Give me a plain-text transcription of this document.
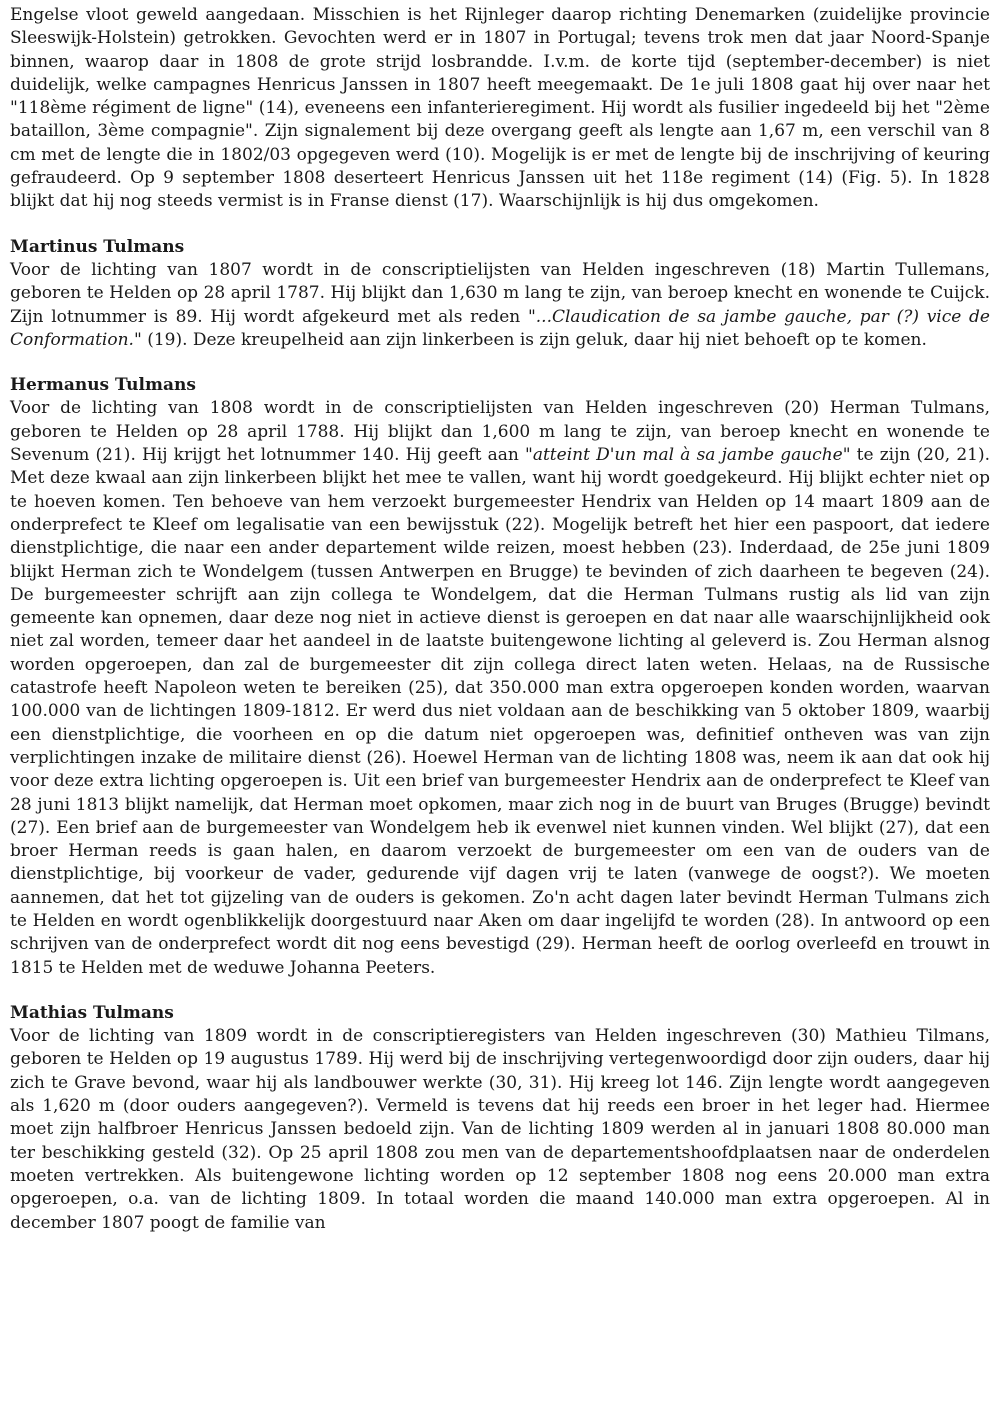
Engelse vloot geweld aangedaan. Misschien is het Rijnleger daarop richting Denemarken (zuidelijke provincie Sleeswijk-Holstein) getrokken. Gevochten werd er in 1807 in Portugal; tevens trok men dat jaar Noord-Spanje binnen, waarop daar in 1808 de grote strijd losbrandde. I.v.m. de korte tijd (september-december) is niet duidelijk, welke campagnes Henricus Janssen in 1807 heeft meegemaakt. De 1e juli 1808 gaat hij over naar het "118ème régiment de ligne" (14), eveneens een infanterieregiment. Hij wordt als fusilier ingedeeld bij het "2ème bataillon, 3ème compagnie". Zijn signalement bij deze overgang geeft als lengte aan 1,67 m, een verschil van 8 cm met de lengte die in 1802/03 opgegeven werd (10). Mogelijk is er met de lengte bij de inschrijving of keuring gefraudeerd. Op 9 september 1808 deserteert Henricus Janssen uit het 118e regiment (14) (Fig. 5). In 1828 blijkt dat hij nog steeds vermist is in Franse dienst (17). Waarschijnlijk is hij dus omgekomen.

Martinus Tulmans

Voor de lichting van 1807 wordt in de conscriptielijsten van Helden ingeschreven (18) Martin Tullemans, geboren te Helden op 28 april 1787. Hij blijkt dan 1,630 m lang te zijn, van beroep knecht en wonende te Cuijck. Zijn lotnummer is 89. Hij wordt afgekeurd met als reden "...Claudication de sa jambe gauche, par (?) vice de Conformation." (19). Deze kreupelheid aan zijn linkerbeen is zijn geluk, daar hij niet behoeft op te komen.

Hermanus Tulmans

Voor de lichting van 1808 wordt in de conscriptielijsten van Helden ingeschreven (20) Herman Tulmans, geboren te Helden op 28 april 1788. Hij blijkt dan 1,600 m lang te zijn, van beroep knecht en wonende te Sevenum (21). Hij krijgt het lotnummer 140. Hij geeft aan "atteint D'un mal à sa jambe gauche" te zijn (20, 21). Met deze kwaal aan zijn linkerbeen blijkt het mee te vallen, want hij wordt goedgekeurd. Hij blijkt echter niet op te hoeven komen. Ten behoeve van hem verzoekt burgemeester Hendrix van Helden op 14 maart 1809 aan de onderprefect te Kleef om legalisatie van een bewijsstuk (22). Mogelijk betreft het hier een paspoort, dat iedere dienstplichtige, die naar een ander departement wilde reizen, moest hebben (23). Inderdaad, de 25e juni 1809 blijkt Herman zich te Wondelgem (tussen Antwerpen en Brugge) te bevinden of zich daarheen te begeven (24). De burgemeester schrijft aan zijn collega te Wondelgem, dat die Herman Tulmans rustig als lid van zijn gemeente kan opnemen, daar deze nog niet in actieve dienst is geroepen en dat naar alle waarschijnlijkheid ook niet zal worden, temeer daar het aandeel in de laatste buitengewone lichting al geleverd is. Zou Herman alsnog worden opgeroepen, dan zal de burgemeester dit zijn collega direct laten weten. Helaas, na de Russische catastrofe heeft Napoleon weten te bereiken (25), dat 350.000 man extra opgeroepen konden worden, waarvan 100.000 van de lichtingen 1809-1812. Er werd dus niet voldaan aan de beschikking van 5 oktober 1809, waarbij een dienstplichtige, die voorheen en op die datum niet opgeroepen was, definitief ontheven was van zijn verplichtingen inzake de militaire dienst (26). Hoewel Herman van de lichting 1808 was, neem ik aan dat ook hij voor deze extra lichting opgeroepen is. Uit een brief van burgemeester Hendrix aan de onderprefect te Kleef van 28 juni 1813 blijkt namelijk, dat Herman moet opkomen, maar zich nog in de buurt van Bruges (Brugge) bevindt (27). Een brief aan de burgemeester van Wondelgem heb ik evenwel niet kunnen vinden. Wel blijkt (27), dat een broer Herman reeds is gaan halen, en daarom verzoekt de burgemeester om een van de ouders van de dienstplichtige, bij voorkeur de vader, gedurende vijf dagen vrij te laten (vanwege de oogst?). We moeten aannemen, dat het tot gijzeling van de ouders is gekomen. Zo'n acht dagen later bevindt Herman Tulmans zich te Helden en wordt ogenblikkelijk doorgestuurd naar Aken om daar ingelijfd te worden (28). In antwoord op een schrijven van de onderprefect wordt dit nog eens bevestigd (29). Herman heeft de oorlog overleefd en trouwt in 1815 te Helden met de weduwe Johanna Peeters.

Mathias Tulmans

Voor de lichting van 1809 wordt in de conscriptieregisters van Helden ingeschreven (30) Mathieu Tilmans, geboren te Helden op 19 augustus 1789. Hij werd bij de inschrijving vertegenwoordigd door zijn ouders, daar hij zich te Grave bevond, waar hij als landbouwer werkte (30, 31). Hij kreeg lot 146. Zijn lengte wordt aangegeven als 1,620 m (door ouders aangegeven?). Vermeld is tevens dat hij reeds een broer in het leger had. Hiermee moet zijn halfbroer Henricus Janssen bedoeld zijn. Van de lichting 1809 werden al in januari 1808 80.000 man ter beschikking gesteld (32). Op 25 april 1808 zou men van de departementshoofdplaatsen naar de onderdelen moeten vertrekken. Als buitengewone lichting worden op 12 september 1808 nog eens 20.000 man extra opgeroepen, o.a. van de lichting 1809. In totaal worden die maand 140.000 man extra opgeroepen. Al in december 1807 poogt de familie van
